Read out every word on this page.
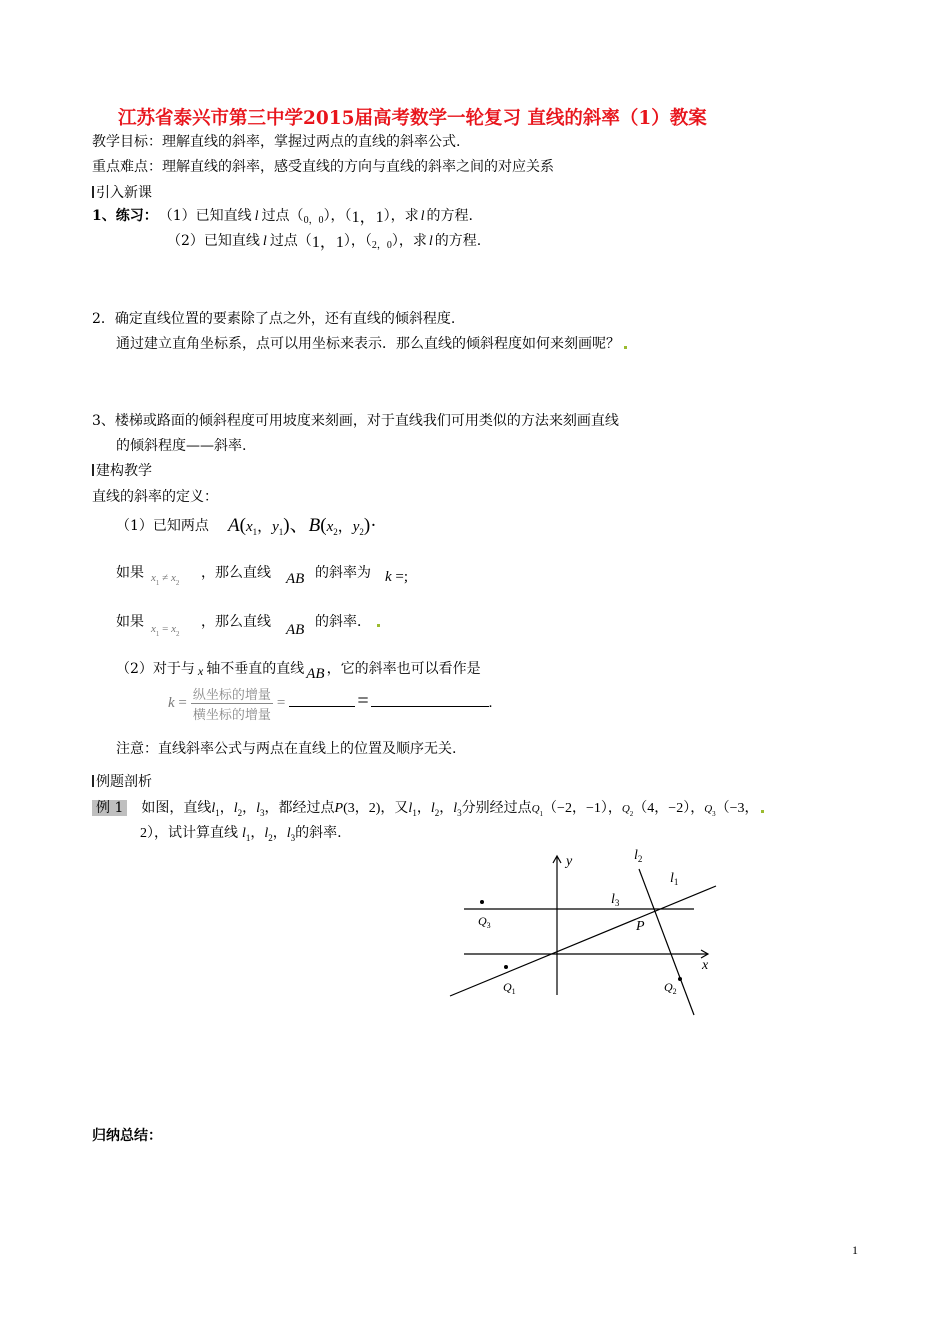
江苏省泰兴市第三中学2015届高考数学一轮复习 直线的斜率（1）教案
教学目标：理解直线的斜率，掌握过两点的直线的斜率公式.
重点难点：理解直线的斜率，感受直线的方向与直线的斜率之间的对应关系
引入新课
1、练习： （1）已知直线 l 过点$(_{0,0})$，（1，1），求 l 的方程.
（2）已知直线 l 过点（1，1），$(_{2,0})$，求 l 的方程.
2．确定直线位置的要素除了点之外，还有直线的倾斜程度.
通过建立直角坐标系，点可以用坐标来表示．那么直线的倾斜程度如何来刻画呢？
3、楼梯或路面的倾斜程度可用坡度来刻画，对于直线我们可用类似的方法来刻画直线
的倾斜程度——斜率.
建构教学
直线的斜率的定义：
（1）已知两点 $A(x_1$，$y_1$)、$B(x_2$，$y_2)\cdot$
如果 $x_1 \ne x_2$
，那么直线 AB 的斜率为 k =;
如果 $x_1 = x_2$
，那么直线 AB 的斜率．
（2）对于与 x 轴不垂直的直线 AB ，它的斜率也可以看作是
$k = \frac{\text{纵坐标的增量}}{\text{横坐标的增量}}$ =	=	.
注意：直线斜率公式与两点在直线上的位置及顺序无关.
例题剖析
例 1 如图，直线$l_1$，$l_2$，$l_3$，都经过点P(3，2)，又$l_1$，$l_2$，$l_3$分别经过点$Q_1(-2$，−1），$Q_2(4$，−2），$Q_3(-3$，
2），试计算直线 $l_1$，$l_2$，$l_3$的斜率.
y
x
$l_2$
$l_1$
$l_3$
P
$Q_3$
$Q_1$	$Q_2$
归纳总结：
1
